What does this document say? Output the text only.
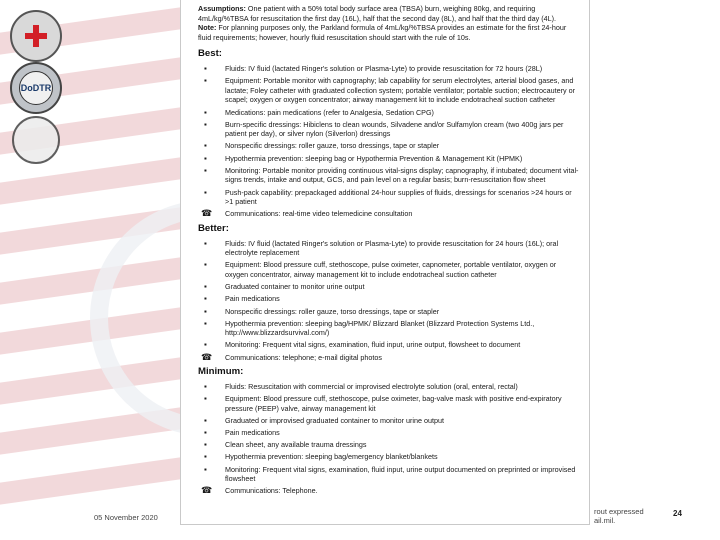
DoDTR

Assumptions: One patient with a 50% total body surface area (TBSA) burn, weighing 80kg, and requiring 4mL/kg/%TBSA for resuscitation the first day (16L), half that the second day (8L), and half that the third day (4L).
Note: For planning purposes only, the Parkland formula of 4mL/kg/%TBSA provides an estimate for the first 24-hour fluid requirements; however, hourly fluid resuscitation should start with the rule of 10s.

Best:
▪	Fluids: IV fluid (lactated Ringer's solution or Plasma-Lyte) to provide resuscitation for 72 hours (28L)
▪	Equipment: Portable monitor with capnography; lab capability for serum electrolytes, arterial blood gases, and lactate; Foley catheter with graduated collection system; portable ventilator; portable suction; electrocautery or scapel; oxygen or oxygen concentrator; airway management kit to include endotracheal suction catheter
▪	Medications: pain medications (refer to Analgesia, Sedation CPG)
▪	Burn-specific dressings: Hibiclens to clean wounds, Silvadene and/or Sulfamylon cream (two 400g jars per patient per day), or silver nylon (Silverlon) dressings
▪	Nonspecific dressings: roller gauze, torso dressings, tape or stapler
▪	Hypothermia prevention: sleeping bag or Hypothermia Prevention & Management Kit (HPMK)
▪	Monitoring: Portable monitor providing continuous vital-signs display; capnography, if intubated; document vital-signs trends, intake and output, GCS, and pain level on a regular basis; burn-resuscitation flow sheet
▪	Push-pack capability: prepackaged additional 24-hour supplies of fluids, dressings for scenarios >24 hours or >1 patient
☎ Communications: real-time video telemedicine consultation
Better:
▪	Fluids: IV fluid (lactated Ringer's solution or Plasma-Lyte) to provide resuscitation for 24 hours (16L); oral electrolyte replacement
▪	Equipment: Blood pressure cuff, stethoscope, pulse oximeter, capnometer, portable ventilator, oxygen or oxygen concentrator, airway management kit to include endotracheal suction catheter
▪	Graduated container to monitor urine output
▪	Pain medications
▪	Nonspecific dressings: roller gauze, torso dressings, tape or stapler
▪	Hypothermia prevention: sleeping bag/HPMK/ Blizzard Blanket (Blizzard Protection Systems Ltd., http://www.blizzardsurvival.com/)
▪	Monitoring: Frequent vital signs, examination, fluid input, urine output, flowsheet to document
☎ Communications: telephone; e-mail digital photos
Minimum:
▪	Fluids: Resuscitation with commercial or improvised electrolyte solution (oral, enteral, rectal)
▪	Equipment: Blood pressure cuff, stethoscope, pulse oximeter, bag-valve mask with positive end-expiratory pressure (PEEP) valve, airway management kit
▪	Graduated or improvised graduated container to monitor urine output
▪	Pain medications
▪	Clean sheet, any available trauma dressings
▪	Hypothermia prevention: sleeping bag/emergency blanket/blankets
▪	Monitoring: Frequent vital signs, examination, fluid input, urine output documented on preprinted or improvised flowsheet
☎ Communications: Telephone.
05 November 2020
rout expressed
ail.mil.
24
